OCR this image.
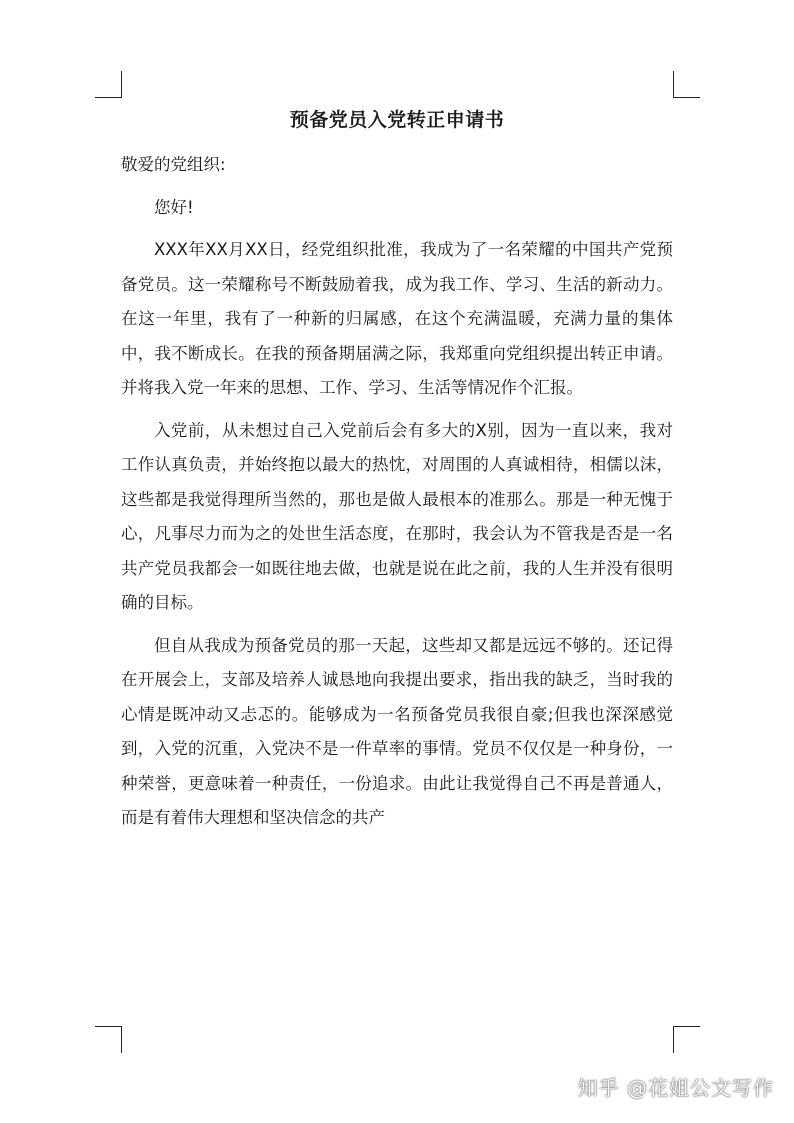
预备党员入党转正申请书

敬爱的党组织:

您好!

XXX年XX月XX日，经党组织批准，我成为了一名荣耀的中国共产党预备党员。这一荣耀称号不断鼓励着我，成为我工作、学习、生活的新动力。在这一年里，我有了一种新的归属感，在这个充满温暖，充满力量的集体中，我不断成长。在我的预备期届满之际，我郑重向党组织提出转正申请。并将我入党一年来的思想、工作、学习、生活等情况作个汇报。

入党前，从未想过自己入党前后会有多大的X别，因为一直以来，我对工作认真负责，并始终抱以最大的热忱，对周围的人真诚相待，相儒以沫，这些都是我觉得理所当然的，那也是做人最根本的准那么。那是一种无愧于心，凡事尽力而为之的处世生活态度，在那时，我会认为不管我是否是一名共产党员我都会一如既往地去做，也就是说在此之前，我的人生并没有很明确的目标。

但自从我成为预备党员的那一天起，这些却又都是远远不够的。还记得在开展会上，支部及培养人诚恳地向我提出要求，指出我的缺乏，当时我的心情是既冲动又忐忑的。能够成为一名预备党员我很自豪;但我也深深感觉到，入党的沉重，入党决不是一件草率的事情。党员不仅仅是一种身份，一种荣誉，更意味着一种责任，一份追求。由此让我觉得自己不再是普通人，而是有着伟大理想和坚决信念的共产

知乎 @花姐公文写作
